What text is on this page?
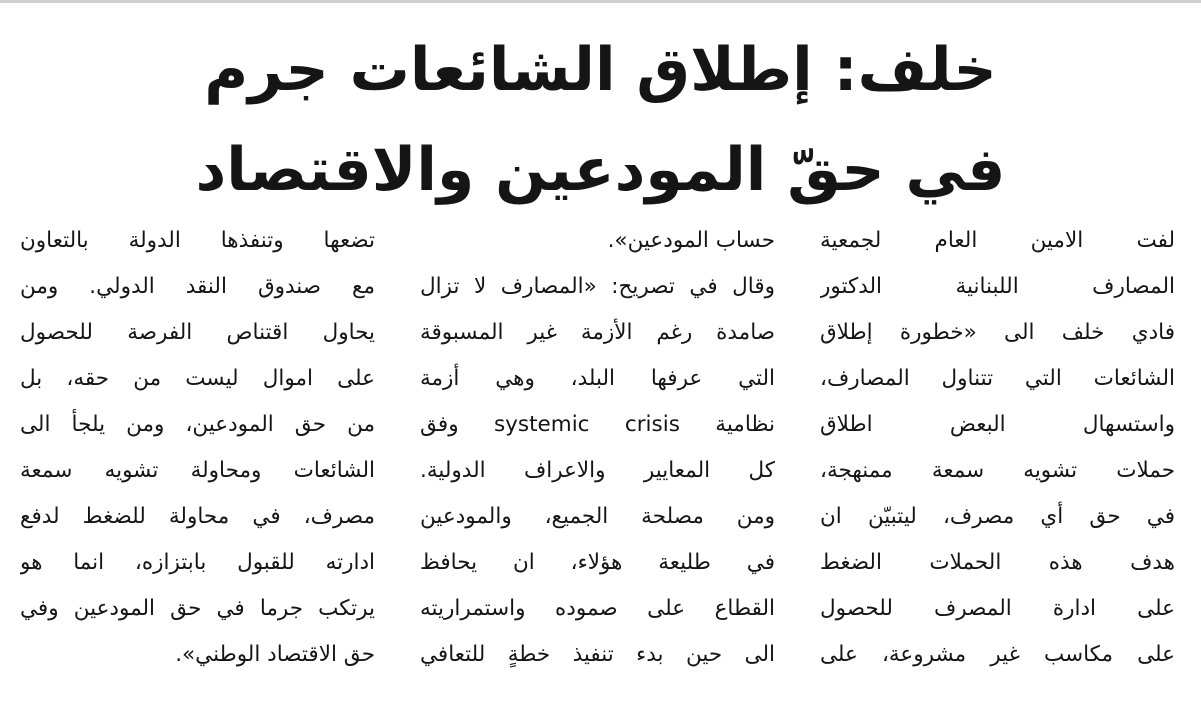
خلف: إطلاق الشائعات جرم
في حقّ المودعين والاقتصاد
لفت الامين العام لجمعية
المصارف اللبنانية الدكتور
فادي خلف الى «خطورة إطلاق
الشائعات التي تتناول المصارف،
واستسهال البعض اطلاق
حملات تشويه سمعة ممنهجة،
في حق أي مصرف، ليتبيّن ان
هدف هذه الحملات الضغط
على ادارة المصرف للحصول
على مكاسب غير مشروعة، على
حساب المودعين».
وقال في تصريح: «المصارف لا تزال
صامدة رغم الأزمة غير المسبوقة
التي عرفها البلد، وهي أزمة
نظامية systemic crisis وفق
كل المعايير والاعراف الدولية.
ومن مصلحة الجميع، والمودعين
في طليعة هؤلاء، ان يحافظ
القطاع على صموده واستمراريته
الى حين بدء تنفيذ خطةٍ للتعافي
تضعها وتنفذها الدولة بالتعاون
مع صندوق النقد الدولي. ومن
يحاول اقتناص الفرصة للحصول
على اموال ليست من حقه، بل
من حق المودعين، ومن يلجأ الى
الشائعات ومحاولة تشويه سمعة
مصرف، في محاولة للضغط لدفع
ادارته للقبول بابتزازه، انما هو
يرتكب جرما في حق المودعين وفي
حق الاقتصاد الوطني».
